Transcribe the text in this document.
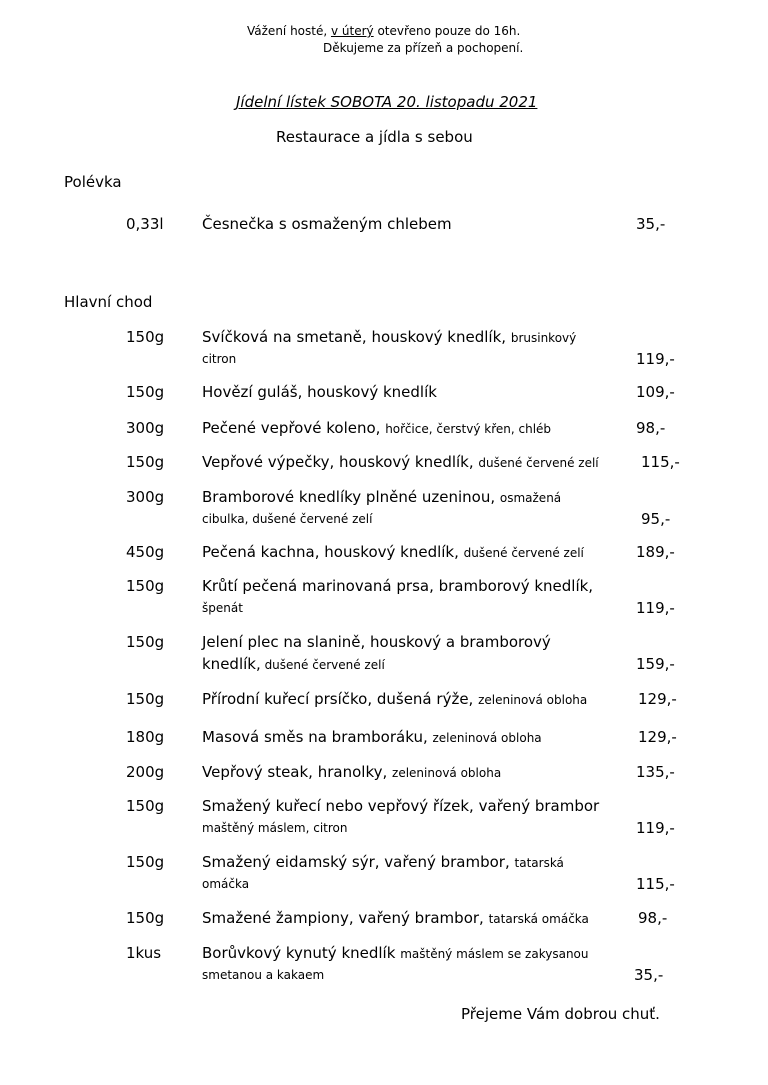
Vážení hosté, v úterý otevřeno pouze do 16h.
Děkujeme za přízeň a pochopení.
Jídelní lístek SOBOTA 20. listopadu 2021
Restaurace a jídla s sebou
Polévka
0,33l	Česnečka s osmaženým chlebem	35,-
Hlavní chod
150g	Svíčková na smetaně, houskový knedlík, brusinkový
citron	119,-
150g	Hovězí guláš, houskový knedlík	109,-
300g	Pečené vepřové koleno, hořčice, čerstvý křen, chléb	98,-
150g	Vepřové výpečky, houskový knedlík, dušené červené zelí	115,-
300g	Bramborové knedlíky plněné uzeninou, osmažená
cibulka, dušené červené zelí	95,-
450g	Pečená kachna, houskový knedlík, dušené červené zelí	189,-
150g	Krůtí pečená marinovaná prsa, bramborový knedlík,
špenát	119,-
150g	Jelení plec na slanině, houskový a bramborový
knedlík, dušené červené zelí	159,-
150g	Přírodní kuřecí prsíčko, dušená rýže, zeleninová obloha	129,-
180g	Masová směs na bramboráku, zeleninová obloha	129,-
200g	Vepřový steak, hranolky, zeleninová obloha	135,-
150g	Smažený kuřecí nebo vepřový řízek, vařený brambor
maštěný máslem, citron	119,-
150g	Smažený eidamský sýr, vařený brambor, tatarská
omáčka	115,-
150g	Smažené žampiony, vařený brambor, tatarská omáčka	98,-
1kus	Borůvkový kynutý knedlík maštěný máslem se zakysanou
smetanou a kakaem	35,-
Přejeme Vám dobrou chuť.
